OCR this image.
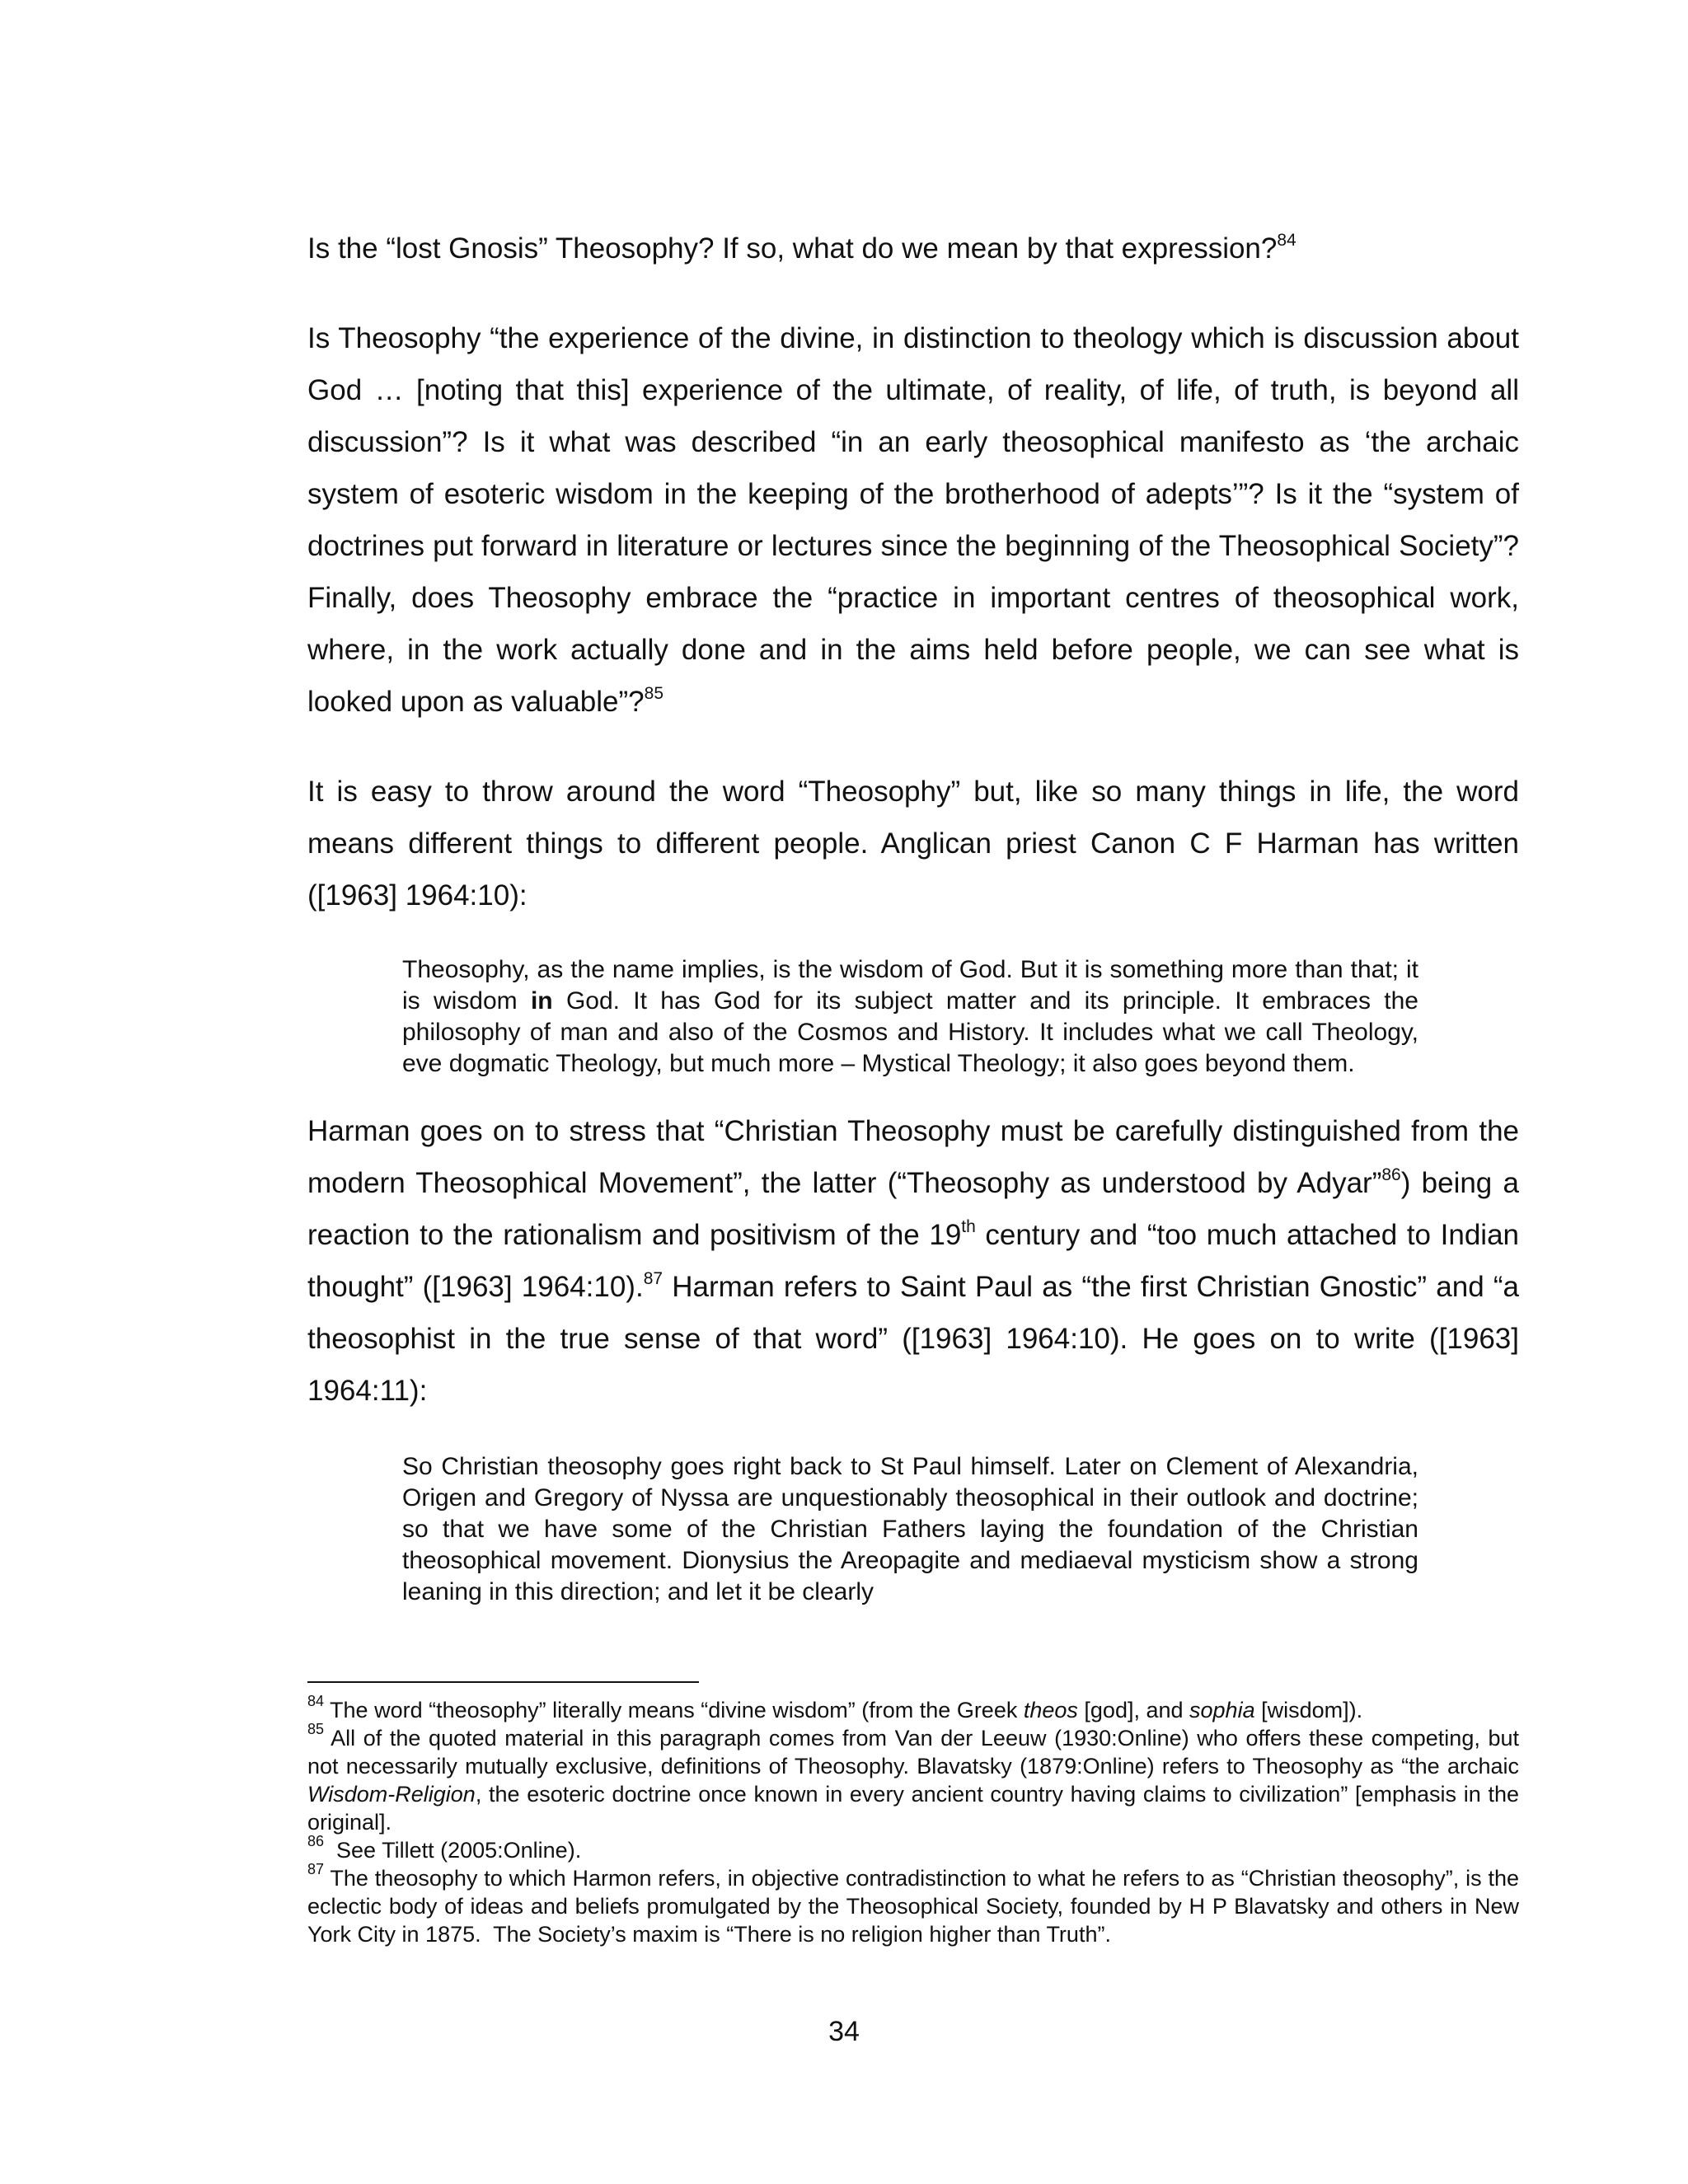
Is the “lost Gnosis” Theosophy? If so, what do we mean by that expression?$^{84}$

Is Theosophy “the experience of the divine, in distinction to theology which is discussion about God … [noting that this] experience of the ultimate, of reality, of life, of truth, is beyond all discussion”? Is it what was described “in an early theosophical manifesto as ‘the archaic system of esoteric wisdom in the keeping of the brotherhood of adepts’”? Is it the “system of doctrines put forward in literature or lectures since the beginning of the Theosophical Society”? Finally, does Theosophy embrace the “practice in important centres of theosophical work, where, in the work actually done and in the aims held before people, we can see what is looked upon as valuable”?$^{85}$

It is easy to throw around the word “Theosophy” but, like so many things in life, the word means different things to different people. Anglican priest Canon C F Harman has written ([1963] 1964:10):

Theosophy, as the name implies, is the wisdom of God. But it is something more than that; it is wisdom in God. It has God for its subject matter and its principle. It embraces the philosophy of man and also of the Cosmos and History. It includes what we call Theology, eve dogmatic Theology, but much more – Mystical Theology; it also goes beyond them.

Harman goes on to stress that “Christian Theosophy must be carefully distinguished from the modern Theosophical Movement”, the latter (“Theosophy as understood by Adyar”$^{86}$) being a reaction to the rationalism and positivism of the 19th century and “too much attached to Indian thought” ([1963] 1964:10).$^{87}$ Harman refers to Saint Paul as “the first Christian Gnostic” and “a theosophist in the true sense of that word” ([1963] 1964:10). He goes on to write ([1963] 1964:11):

So Christian theosophy goes right back to St Paul himself. Later on Clement of Alexandria, Origen and Gregory of Nyssa are unquestionably theosophical in their outlook and doctrine; so that we have some of the Christian Fathers laying the foundation of the Christian theosophical movement. Dionysius the Areopagite and mediaeval mysticism show a strong leaning in this direction; and let it be clearly

$^{84}$ The word “theosophy” literally means “divine wisdom” (from the Greek theos [god], and sophia [wisdom]).

$^{85}$ All of the quoted material in this paragraph comes from Van der Leeuw (1930:Online) who offers these competing, but not necessarily mutually exclusive, definitions of Theosophy. Blavatsky (1879:Online) refers to Theosophy as “the archaic Wisdom-Religion, the esoteric doctrine once known in every ancient country having claims to civilization” [emphasis in the original].

$^{86}$  See Tillett (2005:Online).

$^{87}$ The theosophy to which Harmon refers, in objective contradistinction to what he refers to as “Christian theosophy”, is the eclectic body of ideas and beliefs promulgated by the Theosophical Society, founded by H P Blavatsky and others in New York City in 1875.  The Society’s maxim is “There is no religion higher than Truth”.

34
